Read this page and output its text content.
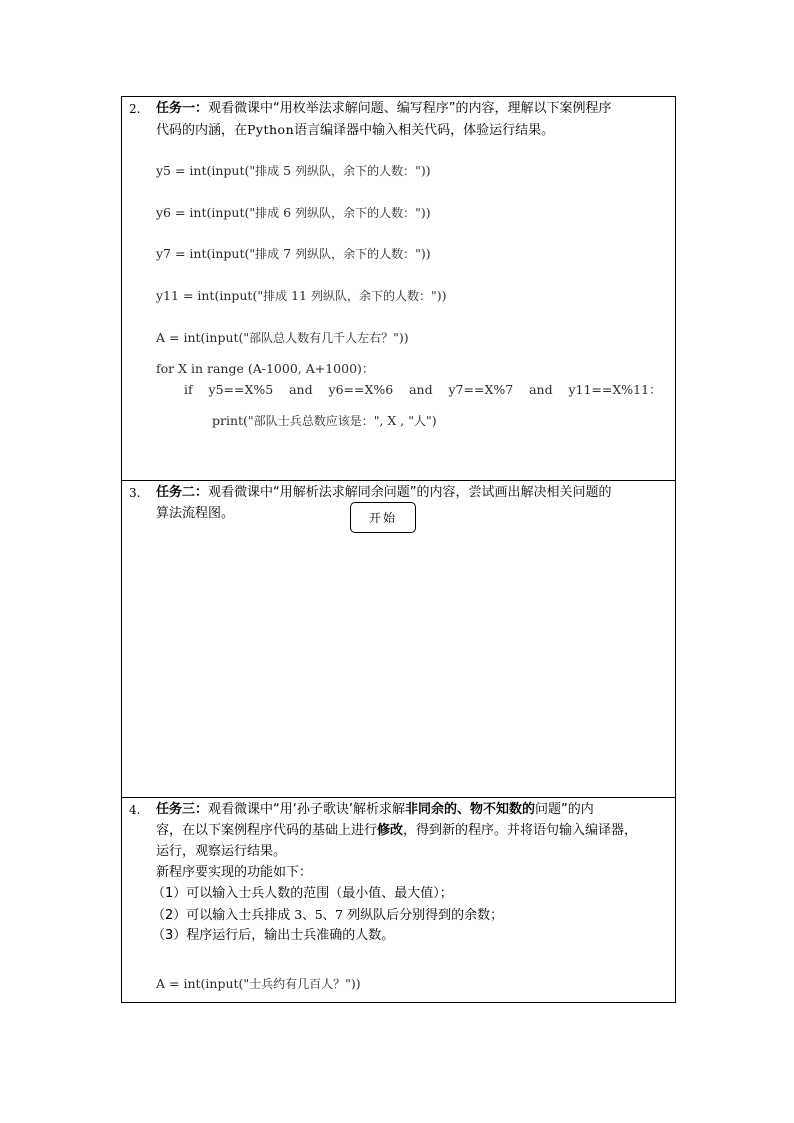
2. 任务一：观看微课中“用枚举法求解问题、编写程序”的内容，理解以下案例程序
代码的内涵，在Python语言编译器中输入相关代码，体验运行结果。
y5 = int(input("排成 5 列纵队，余下的人数："))
y6 = int(input("排成 6 列纵队，余下的人数："))
y7 = int(input("排成 7 列纵队，余下的人数："))
y11 = int(input("排成 11 列纵队，余下的人数："))
A = int(input("部队总人数有几千人左右？"))
for X in range (A-1000, A+1000)：
if    y5==X%5    and    y6==X%6    and    y7==X%7    and    y11==X%11：
print("部队士兵总数应该是：", X , "人")

3. 任务二：观看微课中“用解析法求解同余问题”的内容，尝试画出解决相关问题的
算法流程图。	开始

4. 任务三：观看微课中“用‘孙子歌诀’解析求解非同余的、物不知数的问题”的内
容，在以下案例程序代码的基础上进行修改，得到新的程序。并将语句输入编译器，
运行，观察运行结果。
新程序要实现的功能如下：
（1）可以输入士兵人数的范围（最小值、最大值）；
（2）可以输入士兵排成 3、5、7 列纵队后分别得到的余数；
（3）程序运行后，输出士兵准确的人数。
A = int(input("士兵约有几百人？"))
